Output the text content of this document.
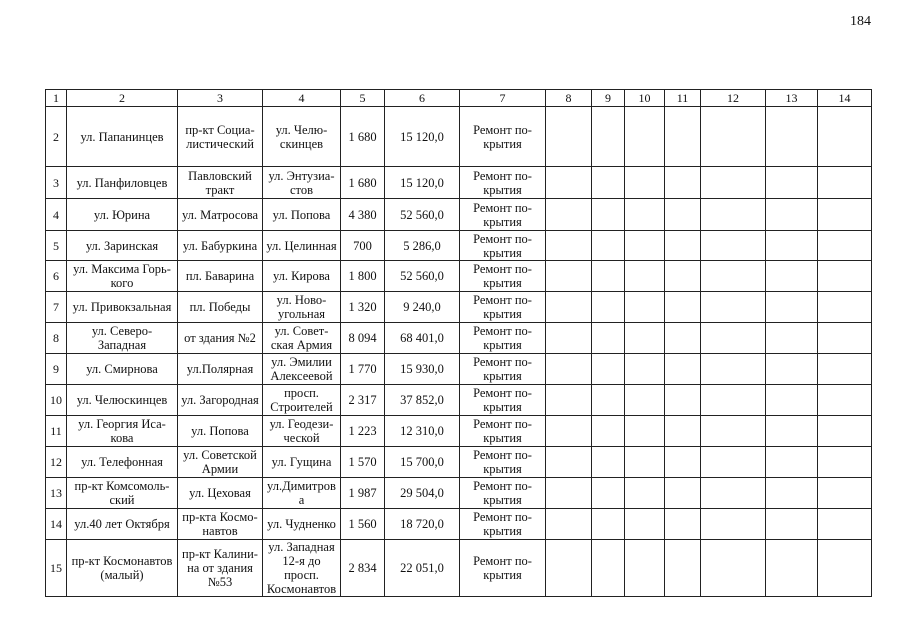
184
1	2	3	4	5	6	7	8	9	10	11	12	13	14
2	ул. Папанинцев	пр-кт Социа-листический	ул. Челю-скинцев	1 680	15 120,0	Ремонт по-крытия							
3	ул. Панфиловцев	Павловский тракт	ул. Энтузиа-стов	1 680	15 120,0	Ремонт по-крытия							
4	ул. Юрина	ул. Матросова	ул. Попова	4 380	52 560,0	Ремонт по-крытия							
5	ул. Заринская	ул. Бабуркина	ул. Целинная	700	5 286,0	Ремонт по-крытия							
6	ул. Максима Горь-кого	пл. Баварина	ул. Кирова	1 800	52 560,0	Ремонт по-крытия							
7	ул. Привокзальная	пл. Победы	ул. Ново-угольная	1 320	9 240,0	Ремонт по-крытия							
8	ул. Северо-Западная	от здания №2	ул. Совет-ская Армия	8 094	68 401,0	Ремонт по-крытия							
9	ул. Смирнова	ул.Полярная	ул. Эмилии Алексеевой	1 770	15 930,0	Ремонт по-крытия							
10	ул. Челюскинцев	ул. Загородная	просп. Строителей	2 317	37 852,0	Ремонт по-крытия							
11	ул. Георгия Иса-кова	ул. Попова	ул. Геодези-ческой	1 223	12 310,0	Ремонт по-крытия							
12	ул. Телефонная	ул. Советской Армии	ул. Гущина	1 570	15 700,0	Ремонт по-крытия							
13	пр-кт Комсомоль-ский	ул. Цеховая	ул.Димитров а	1 987	29 504,0	Ремонт по-крытия							
14	ул.40 лет Октября	пр-кта Космо-навтов	ул. Чудненко	1 560	18 720,0	Ремонт по-крытия							
15	пр-кт Космонавтов (малый)	пр-кт Калини-на от здания №53	ул. Западная 12-я до просп. Космонавтов	2 834	22 051,0	Ремонт по-крытия							
